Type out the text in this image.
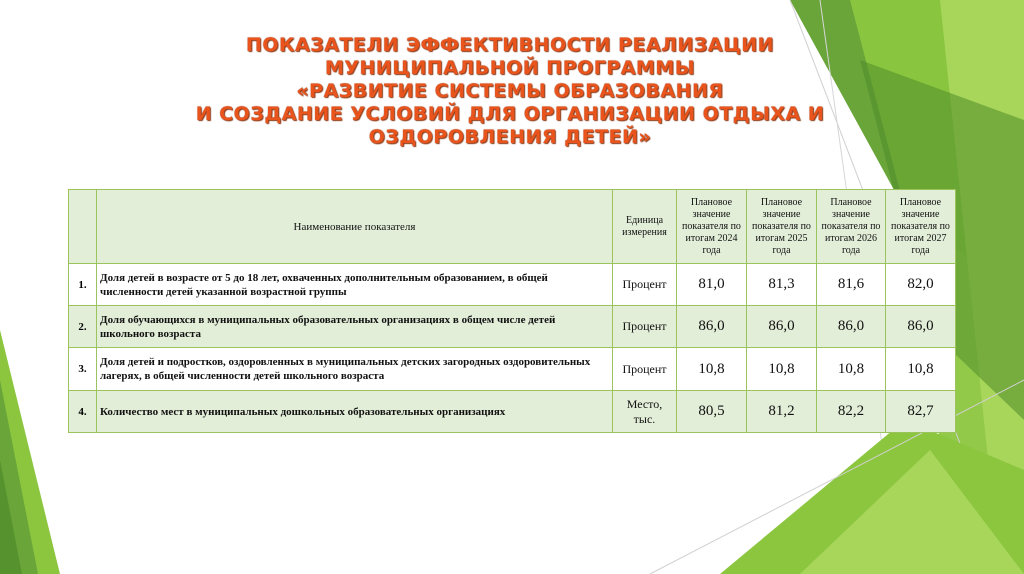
ПОКАЗАТЕЛИ ЭФФЕКТИВНОСТИ РЕАЛИЗАЦИИ
МУНИЦИПАЛЬНОЙ ПРОГРАММЫ
«РАЗВИТИЕ СИСТЕМЫ ОБРАЗОВАНИЯ
И СОЗДАНИЕ УСЛОВИЙ ДЛЯ ОРГАНИЗАЦИИ ОТДЫХА И
ОЗДОРОВЛЕНИЯ ДЕТЕЙ»
	Наименование показателя	Единица измерения	Плановое значение показателя по итогам 2024 года	Плановое значение показателя по итогам 2025 года	Плановое значение показателя по итогам 2026 года	Плановое значение показателя по итогам 2027 года
1.	Доля детей в возрасте от 5 до 18 лет, охваченных дополнительным образованием, в общей численности детей указанной возрастной группы	Процент	81,0	81,3	81,6	82,0
2.	Доля обучающихся в муниципальных образовательных организациях в общем числе детей школьного возраста	Процент	86,0	86,0	86,0	86,0
3.	Доля детей и подростков, оздоровленных в муниципальных детских загородных оздоровительных лагерях, в общей численности детей школьного возраста	Процент	10,8	10,8	10,8	10,8
4.	Количество мест в муниципальных дошкольных образовательных организациях	Место, тыс.	80,5	81,2	82,2	82,7
